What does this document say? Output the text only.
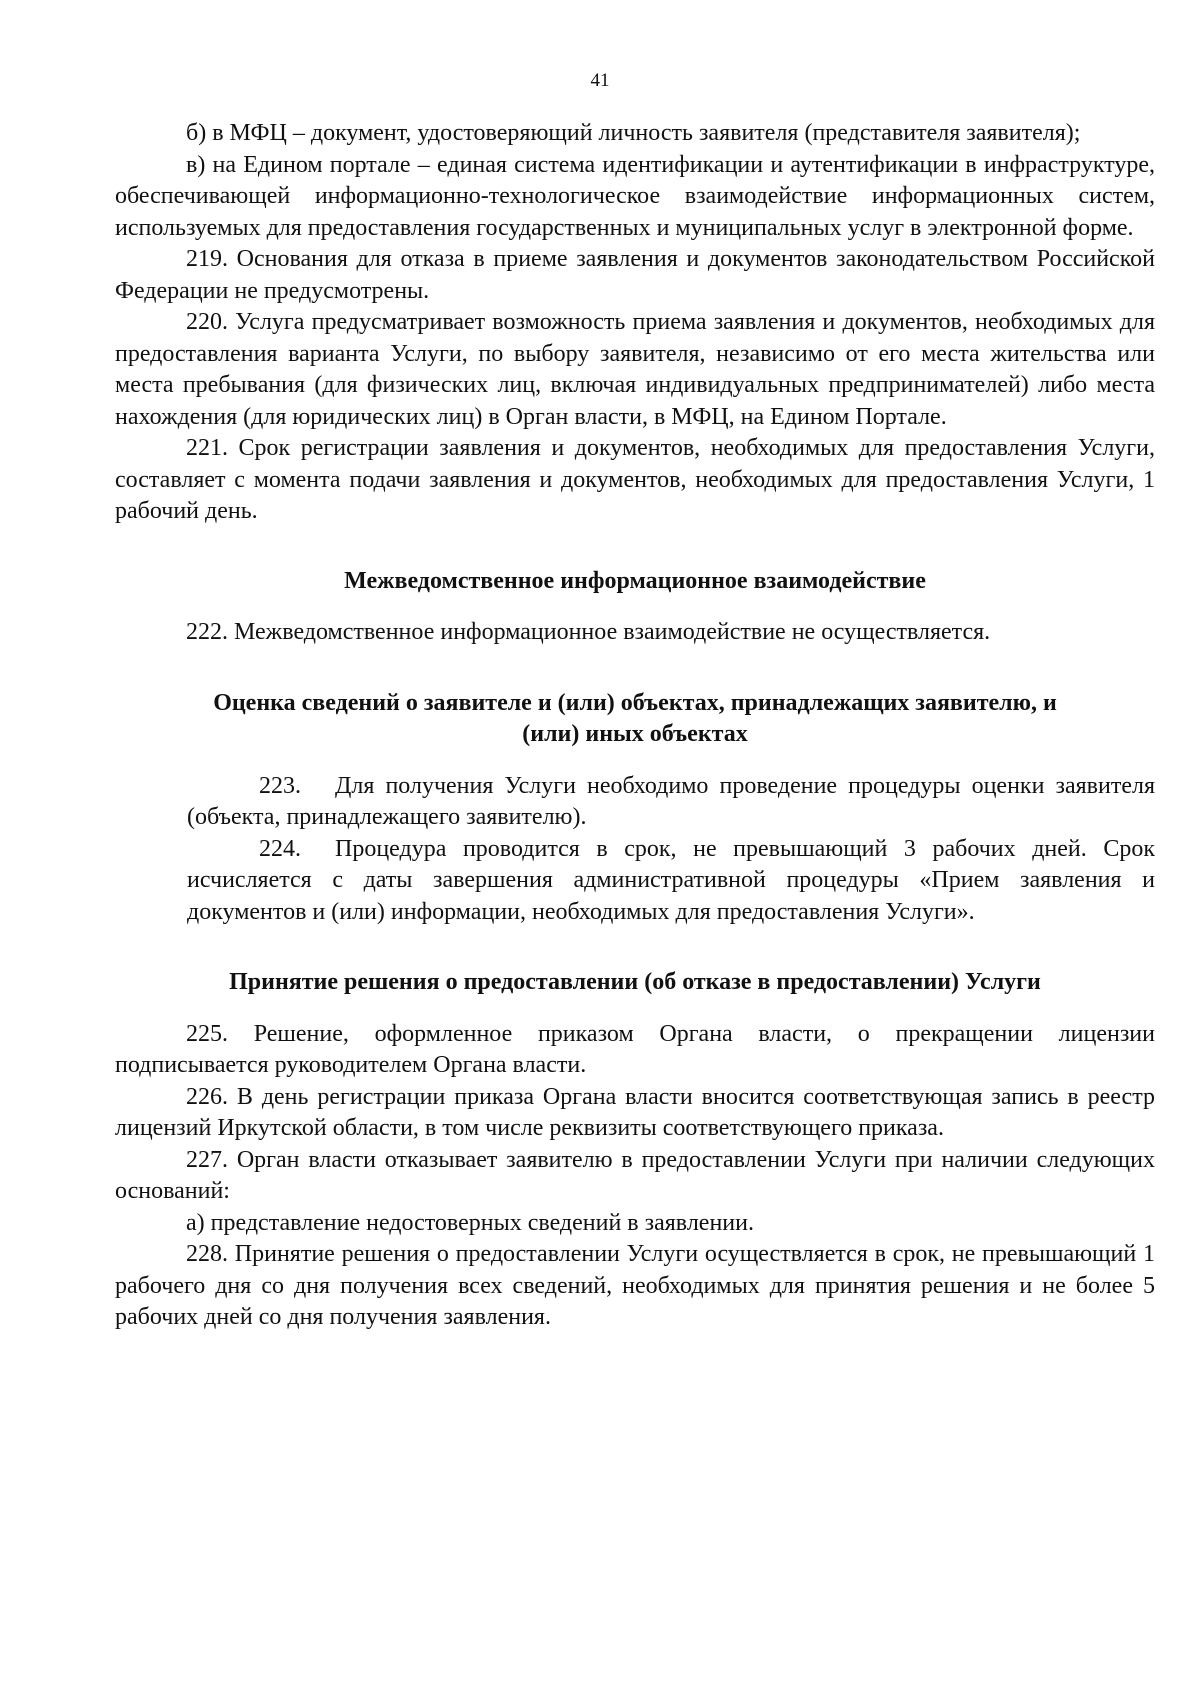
41

б) в МФЦ – документ, удостоверяющий личность заявителя (представителя заявителя);

в) на Едином портале – единая система идентификации и аутентификации в инфраструктуре, обеспечивающей информационно-технологическое взаимодействие информационных систем, используемых для предоставления государственных и муниципальных услуг в электронной форме.

219. Основания для отказа в приеме заявления и документов законодательством Российской Федерации не предусмотрены.

220. Услуга предусматривает возможность приема заявления и документов, необходимых для предоставления варианта Услуги, по выбору заявителя, независимо от его места жительства или места пребывания (для физических лиц, включая индивидуальных предпринимателей) либо места нахождения (для юридических лиц) в Орган власти, в МФЦ, на Едином Портале.

221. Срок регистрации заявления и документов, необходимых для предоставления Услуги, составляет с момента подачи заявления и документов, необходимых для предоставления Услуги, 1 рабочий день.

Межведомственное информационное взаимодействие

222. Межведомственное информационное взаимодействие не осуществляется.

Оценка сведений о заявителе и (или) объектах, принадлежащих заявителю, и
(или) иных объектах

223. Для получения Услуги необходимо проведение процедуры оценки заявителя (объекта, принадлежащего заявителю).

224. Процедура проводится в срок, не превышающий 3 рабочих дней. Срок исчисляется с даты завершения административной процедуры «Прием заявления и документов и (или) информации, необходимых для предоставления Услуги».

Принятие решения о предоставлении (об отказе в предоставлении) Услуги

225. Решение, оформленное приказом Органа власти, о прекращении лицензии подписывается руководителем Органа власти.

226. В день регистрации приказа Органа власти вносится соответствующая запись в реестр лицензий Иркутской области, в том числе реквизиты соответствующего приказа.

227. Орган власти отказывает заявителю в предоставлении Услуги при наличии следующих оснований:

а) представление недостоверных сведений в заявлении.

228. Принятие решения о предоставлении Услуги осуществляется в срок, не превышающий 1 рабочего дня со дня получения всех сведений, необходимых для принятия решения и не более 5 рабочих дней со дня получения заявления.
